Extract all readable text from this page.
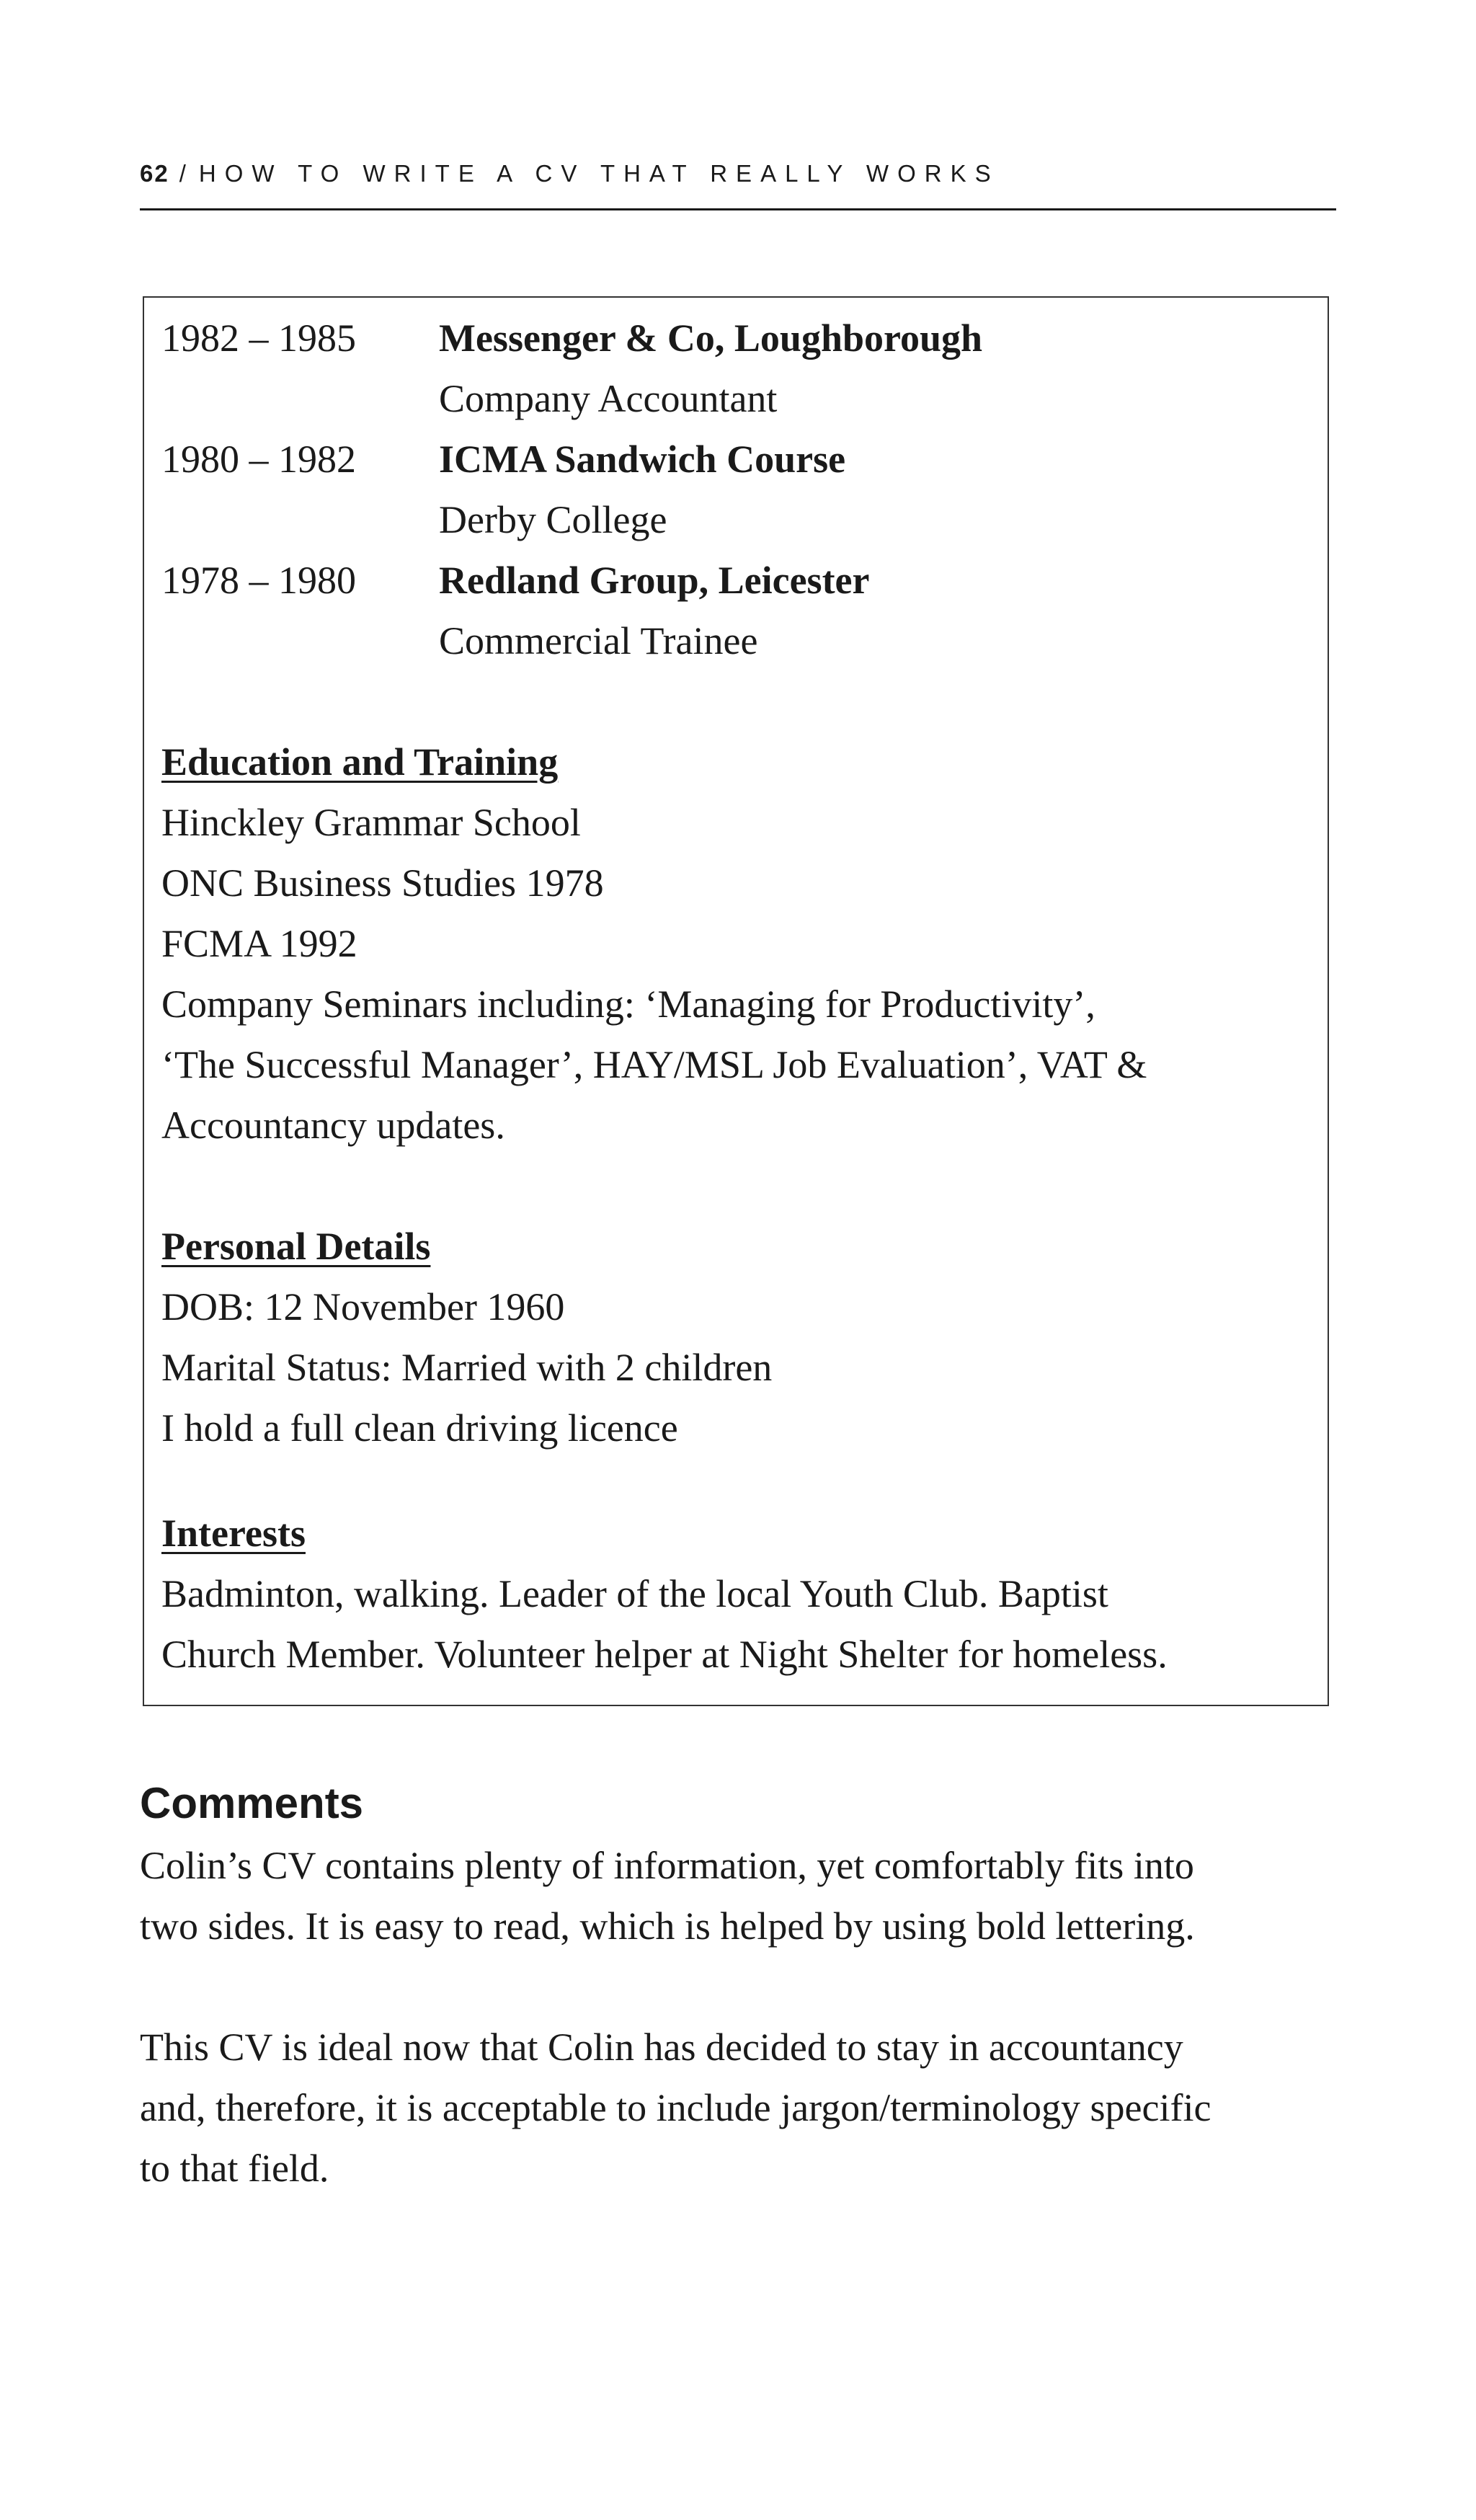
62 / HOW TO WRITE A CV THAT REALLY WORKS
1982 – 1985	Messenger & Co, Loughborough
Company Accountant
1980 – 1982	ICMA Sandwich Course
Derby College
1978 – 1980	Redland Group, Leicester
Commercial Trainee
Education and Training
Hinckley Grammar School
ONC Business Studies 1978
FCMA 1992
Company Seminars including: ‘Managing for Productivity’,
‘The Successful Manager’, HAY/MSL Job Evaluation’, VAT &
Accountancy updates.
Personal Details
DOB: 12 November 1960
Marital Status: Married with 2 children
I hold a full clean driving licence
Interests
Badminton, walking. Leader of the local Youth Club. Baptist
Church Member. Volunteer helper at Night Shelter for homeless.
Comments
Colin’s CV contains plenty of information, yet comfortably fits into
two sides. It is easy to read, which is helped by using bold lettering.
This CV is ideal now that Colin has decided to stay in accountancy
and, therefore, it is acceptable to include jargon/terminology specific
to that field.
